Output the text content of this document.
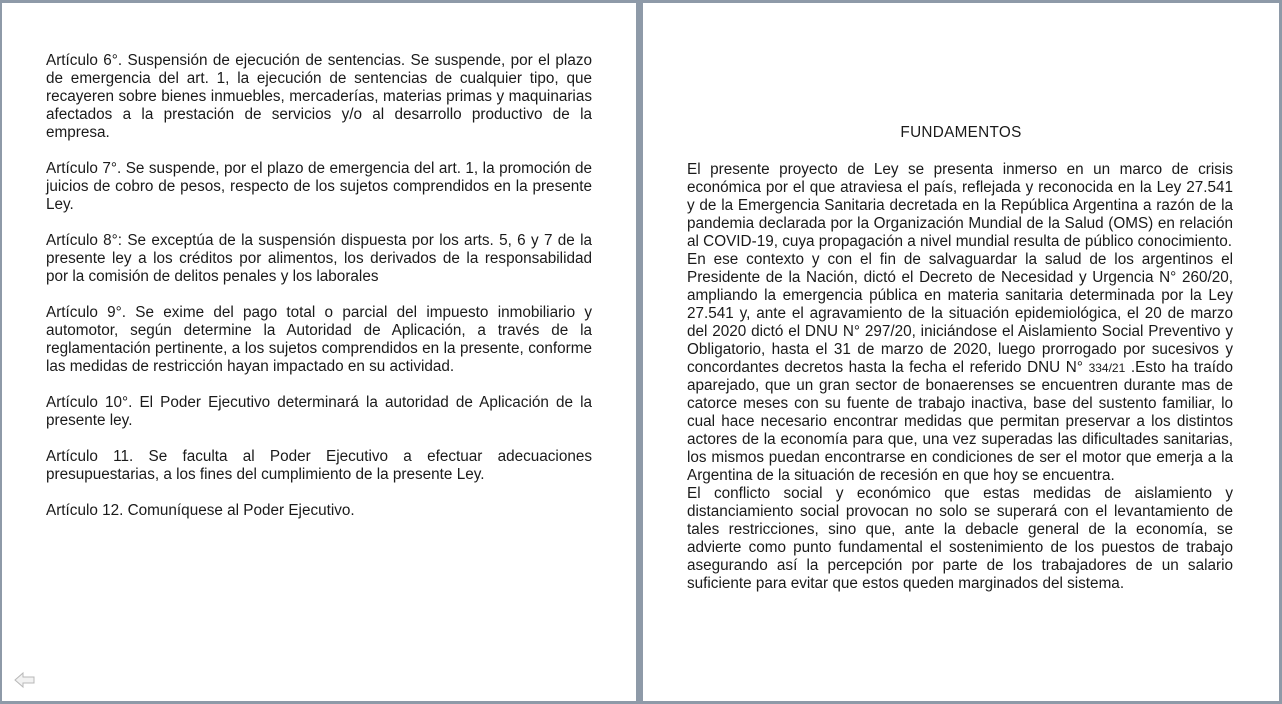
Artículo 6°. Suspensión de ejecución de sentencias. Se suspende, por el plazo de emergencia del art. 1, la ejecución de sentencias de cualquier tipo, que recayeren sobre bienes inmuebles, mercaderías, materias primas y maquinarias afectados a la prestación de servicios y/o al desarrollo productivo de la empresa.

Artículo 7°. Se suspende, por el plazo de emergencia del art. 1, la promoción de juicios de cobro de pesos, respecto de los sujetos comprendidos en la presente Ley.

Artículo 8°: Se exceptúa de la suspensión dispuesta por los arts. 5, 6 y 7 de la presente ley a los créditos por alimentos, los derivados de la responsabilidad por la comisión de delitos penales y los laborales

Artículo 9°. Se exime del pago total o parcial del impuesto inmobiliario y automotor, según determine la Autoridad de Aplicación, a través de la reglamentación pertinente, a los sujetos comprendidos en la presente, conforme las medidas de restricción hayan impactado en su actividad.

Artículo 10°. El Poder Ejecutivo determinará la autoridad de Aplicación de la presente ley.

Artículo 11. Se faculta al Poder Ejecutivo a efectuar adecuaciones presupuestarias, a los fines del cumplimiento de la presente Ley.

Artículo 12. Comuníquese al Poder Ejecutivo.

FUNDAMENTOS

El presente proyecto de Ley se presenta inmerso en un marco de crisis económica por el que atraviesa el país, reflejada y reconocida en la Ley 27.541 y de la Emergencia Sanitaria decretada en la República Argentina a razón de la pandemia declarada por la Organización Mundial de la Salud (OMS) en relación al COVID-19, cuya propagación a nivel mundial resulta de público conocimiento.

En ese contexto y con el fin de salvaguardar la salud de los argentinos el Presidente de la Nación, dictó el Decreto de Necesidad y Urgencia N° 260/20, ampliando la emergencia pública en materia sanitaria determinada por la Ley 27.541 y, ante el agravamiento de la situación epidemiológica, el 20 de marzo del 2020 dictó el DNU N° 297/20, iniciándose el Aislamiento Social Preventivo y Obligatorio, hasta el 31 de marzo de 2020, luego prorrogado por sucesivos y concordantes decretos hasta la fecha el referido DNU N° 334/21 .Esto ha traído aparejado, que un gran sector de bonaerenses se encuentren durante mas de catorce meses con su fuente de trabajo inactiva, base del sustento familiar, lo cual hace necesario encontrar medidas que permitan preservar a los distintos actores de la economía para que, una vez superadas las dificultades sanitarias, los mismos puedan encontrarse en condiciones de ser el motor que emerja a la Argentina de la situación de recesión en que hoy se encuentra.

El conflicto social y económico que estas medidas de aislamiento y distanciamiento social provocan no solo se superará con el levantamiento de tales restricciones, sino que, ante la debacle general de la economía, se advierte como punto fundamental el sostenimiento de los puestos de trabajo asegurando así la percepción por parte de los trabajadores de un salario suficiente para evitar que estos queden marginados del sistema.
